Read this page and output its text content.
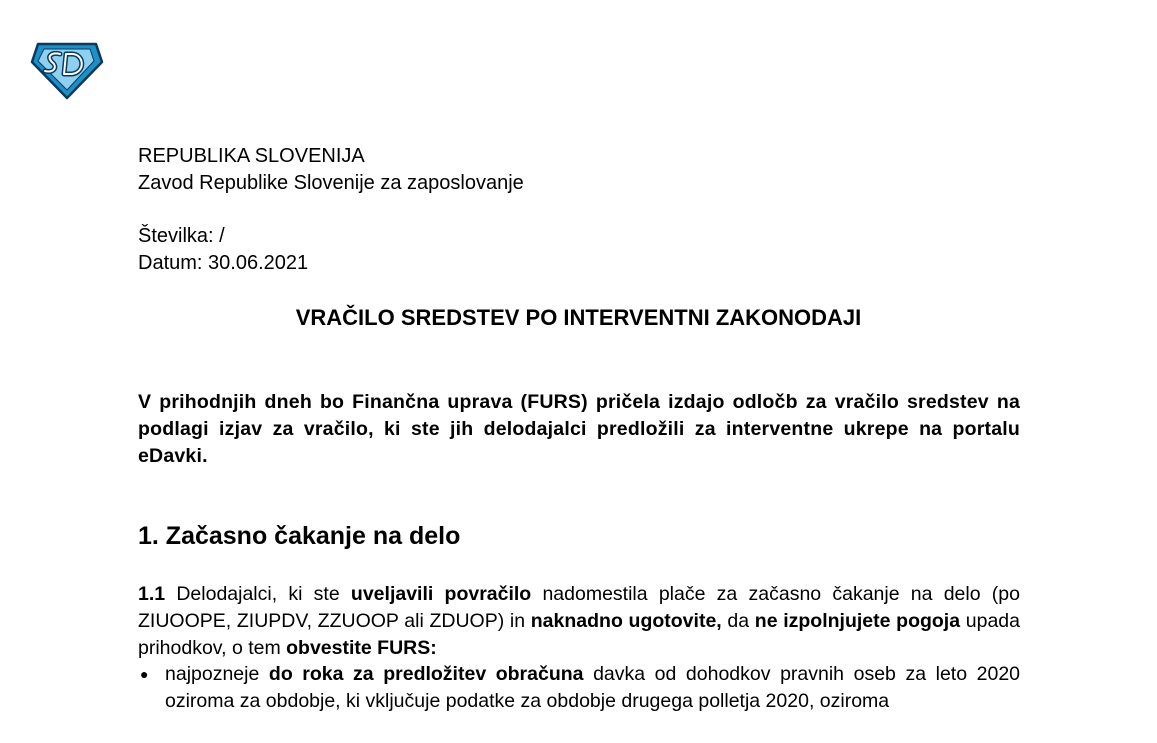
REPUBLIKA SLOVENIJA
Zavod Republike Slovenije za zaposlovanje
Številka: /
Datum: 30.06.2021
VRAČILO SREDSTEV PO INTERVENTNI ZAKONODAJI
V prihodnjih dneh bo Finančna uprava (FURS) pričela izdajo odločb za vračilo sredstev na podlagi izjav za vračilo, ki ste jih delodajalci predložili za interventne ukrepe na portalu eDavki.
1. Začasno čakanje na delo
1.1 Delodajalci, ki ste uveljavili povračilo nadomestila plače za začasno čakanje na delo (po ZIUOOPE, ZIUPDV, ZZUOOP ali ZDUOP) in naknadno ugotovite, da ne izpolnjujete pogoja upada prihodkov, o tem obvestite FURS:
● najpozneje do roka za predložitev obračuna davka od dohodkov pravnih oseb za leto 2020 oziroma za obdobje, ki vključuje podatke za obdobje drugega polletja 2020, oziroma
